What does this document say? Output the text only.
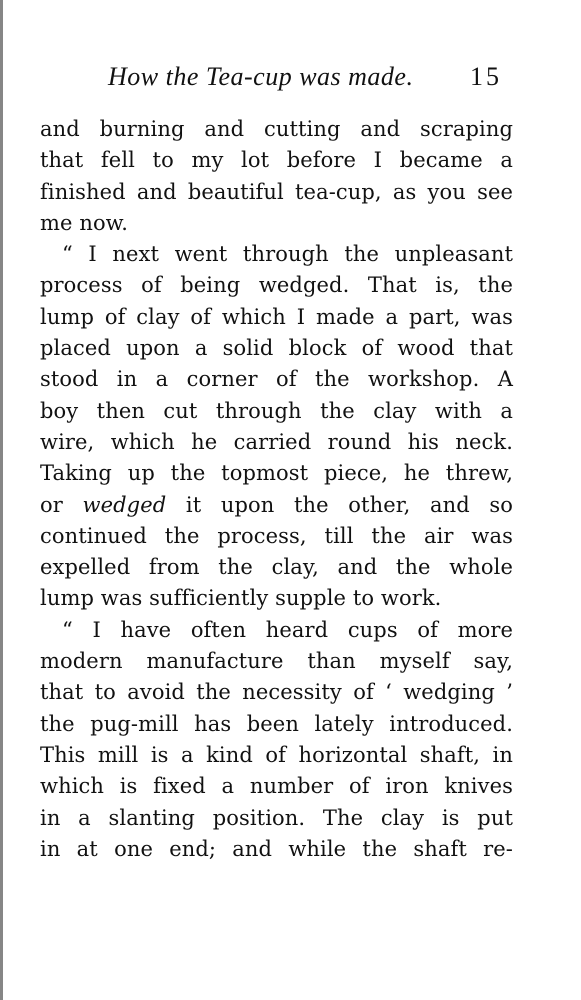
How the Tea-cup was made. 15
and burning and cutting and scraping
that fell to my lot before I became a
finished and beautiful tea-cup, as you see
me now.
“ I next went through the unpleasant
process of being wedged. That is, the
lump of clay of which I made a part, was
placed upon a solid block of wood that
stood in a corner of the workshop. A
boy then cut through the clay with a
wire, which he carried round his neck.
Taking up the topmost piece, he threw,
or wedged it upon the other, and so
continued the process, till the air was
expelled from the clay, and the whole
lump was sufficiently supple to work.
“ I have often heard cups of more
modern manufacture than myself say,
that to avoid the necessity of ‘ wedging ’
the pug-mill has been lately introduced.
This mill is a kind of horizontal shaft, in
which is fixed a number of iron knives
in a slanting position. The clay is put
in at one end; and while the shaft re-
